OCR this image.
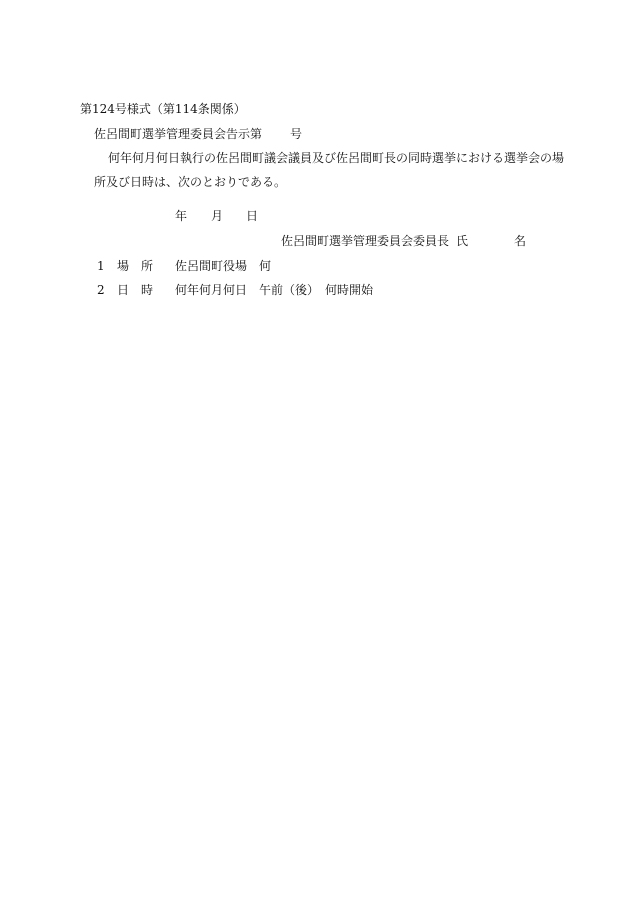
第124号様式（第114条関係）
佐呂間町選挙管理委員会告示第 号
何年何月何日執行の佐呂間町議会議員及び佐呂間町長の同時選挙における選挙会の場
所及び日時は、次のとおりである。
年 月 日
佐呂間町選挙管理委員会委員長 氏	名
1 場 所 佐呂間町役場　何
2 日 時 何年何月何日　午前（後）　何時開始
